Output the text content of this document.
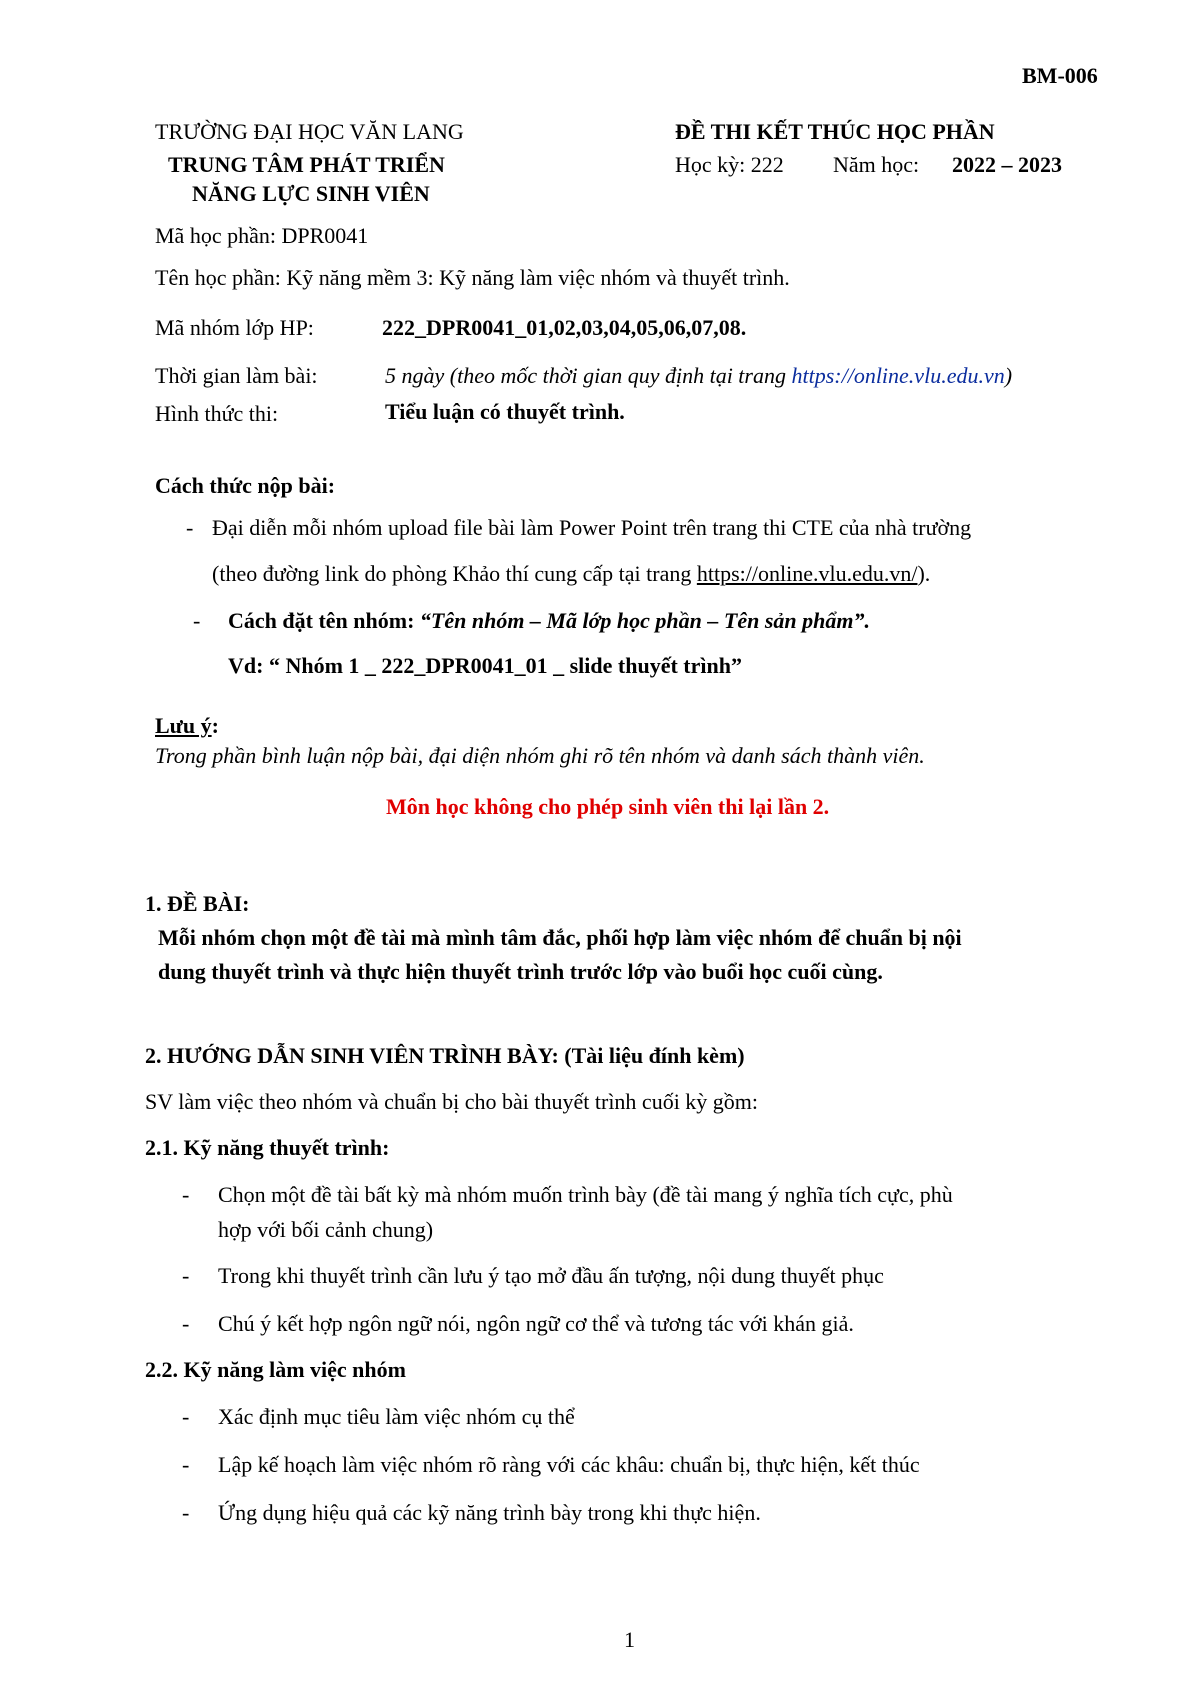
BM-006
TRƯỜNG ĐẠI HỌC VĂN LANG
TRUNG TÂM PHÁT TRIỂN
NĂNG LỰC SINH VIÊN
ĐỀ THI KẾT THÚC HỌC PHẦN
Học kỳ: 222 Năm học: 2022 – 2023
Mã học phần: DPR0041
Tên học phần: Kỹ năng mềm 3: Kỹ năng làm việc nhóm và thuyết trình.
Mã nhóm lớp HP:	222_DPR0041_01,02,03,04,05,06,07,08.
Thời gian làm bài:	5 ngày (theo mốc thời gian quy định tại trang https://online.vlu.edu.vn)
Hình thức thi:	Tiểu luận có thuyết trình.
Cách thức nộp bài:
- Đại diễn mỗi nhóm upload file bài làm Power Point trên trang thi CTE của nhà trường
(theo đường link do phòng Khảo thí cung cấp tại trang https://online.vlu.edu.vn/).
- Cách đặt tên nhóm: “Tên nhóm – Mã lớp học phần – Tên sản phẩm”.
Vd: “ Nhóm 1 _ 222_DPR0041_01 _ slide thuyết trình”
Lưu ý:
Trong phần bình luận nộp bài, đại diện nhóm ghi rõ tên nhóm và danh sách thành viên.
Môn học không cho phép sinh viên thi lại lần 2.
1. ĐỀ BÀI:
Mỗi nhóm chọn một đề tài mà mình tâm đắc, phối hợp làm việc nhóm để chuẩn bị nội
dung thuyết trình và thực hiện thuyết trình trước lớp vào buổi học cuối cùng.
2. HƯỚNG DẪN SINH VIÊN TRÌNH BÀY: (Tài liệu đính kèm)
SV làm việc theo nhóm và chuẩn bị cho bài thuyết trình cuối kỳ gồm:
2.1. Kỹ năng thuyết trình:
- Chọn một đề tài bất kỳ mà nhóm muốn trình bày (đề tài mang ý nghĩa tích cực, phù
hợp với bối cảnh chung)
- Trong khi thuyết trình cần lưu ý tạo mở đầu ấn tượng, nội dung thuyết phục
- Chú ý kết hợp ngôn ngữ nói, ngôn ngữ cơ thể và tương tác với khán giả.
2.2. Kỹ năng làm việc nhóm
- Xác định mục tiêu làm việc nhóm cụ thể
- Lập kế hoạch làm việc nhóm rõ ràng với các khâu: chuẩn bị, thực hiện, kết thúc
- Ứng dụng hiệu quả các kỹ năng trình bày trong khi thực hiện.
1
